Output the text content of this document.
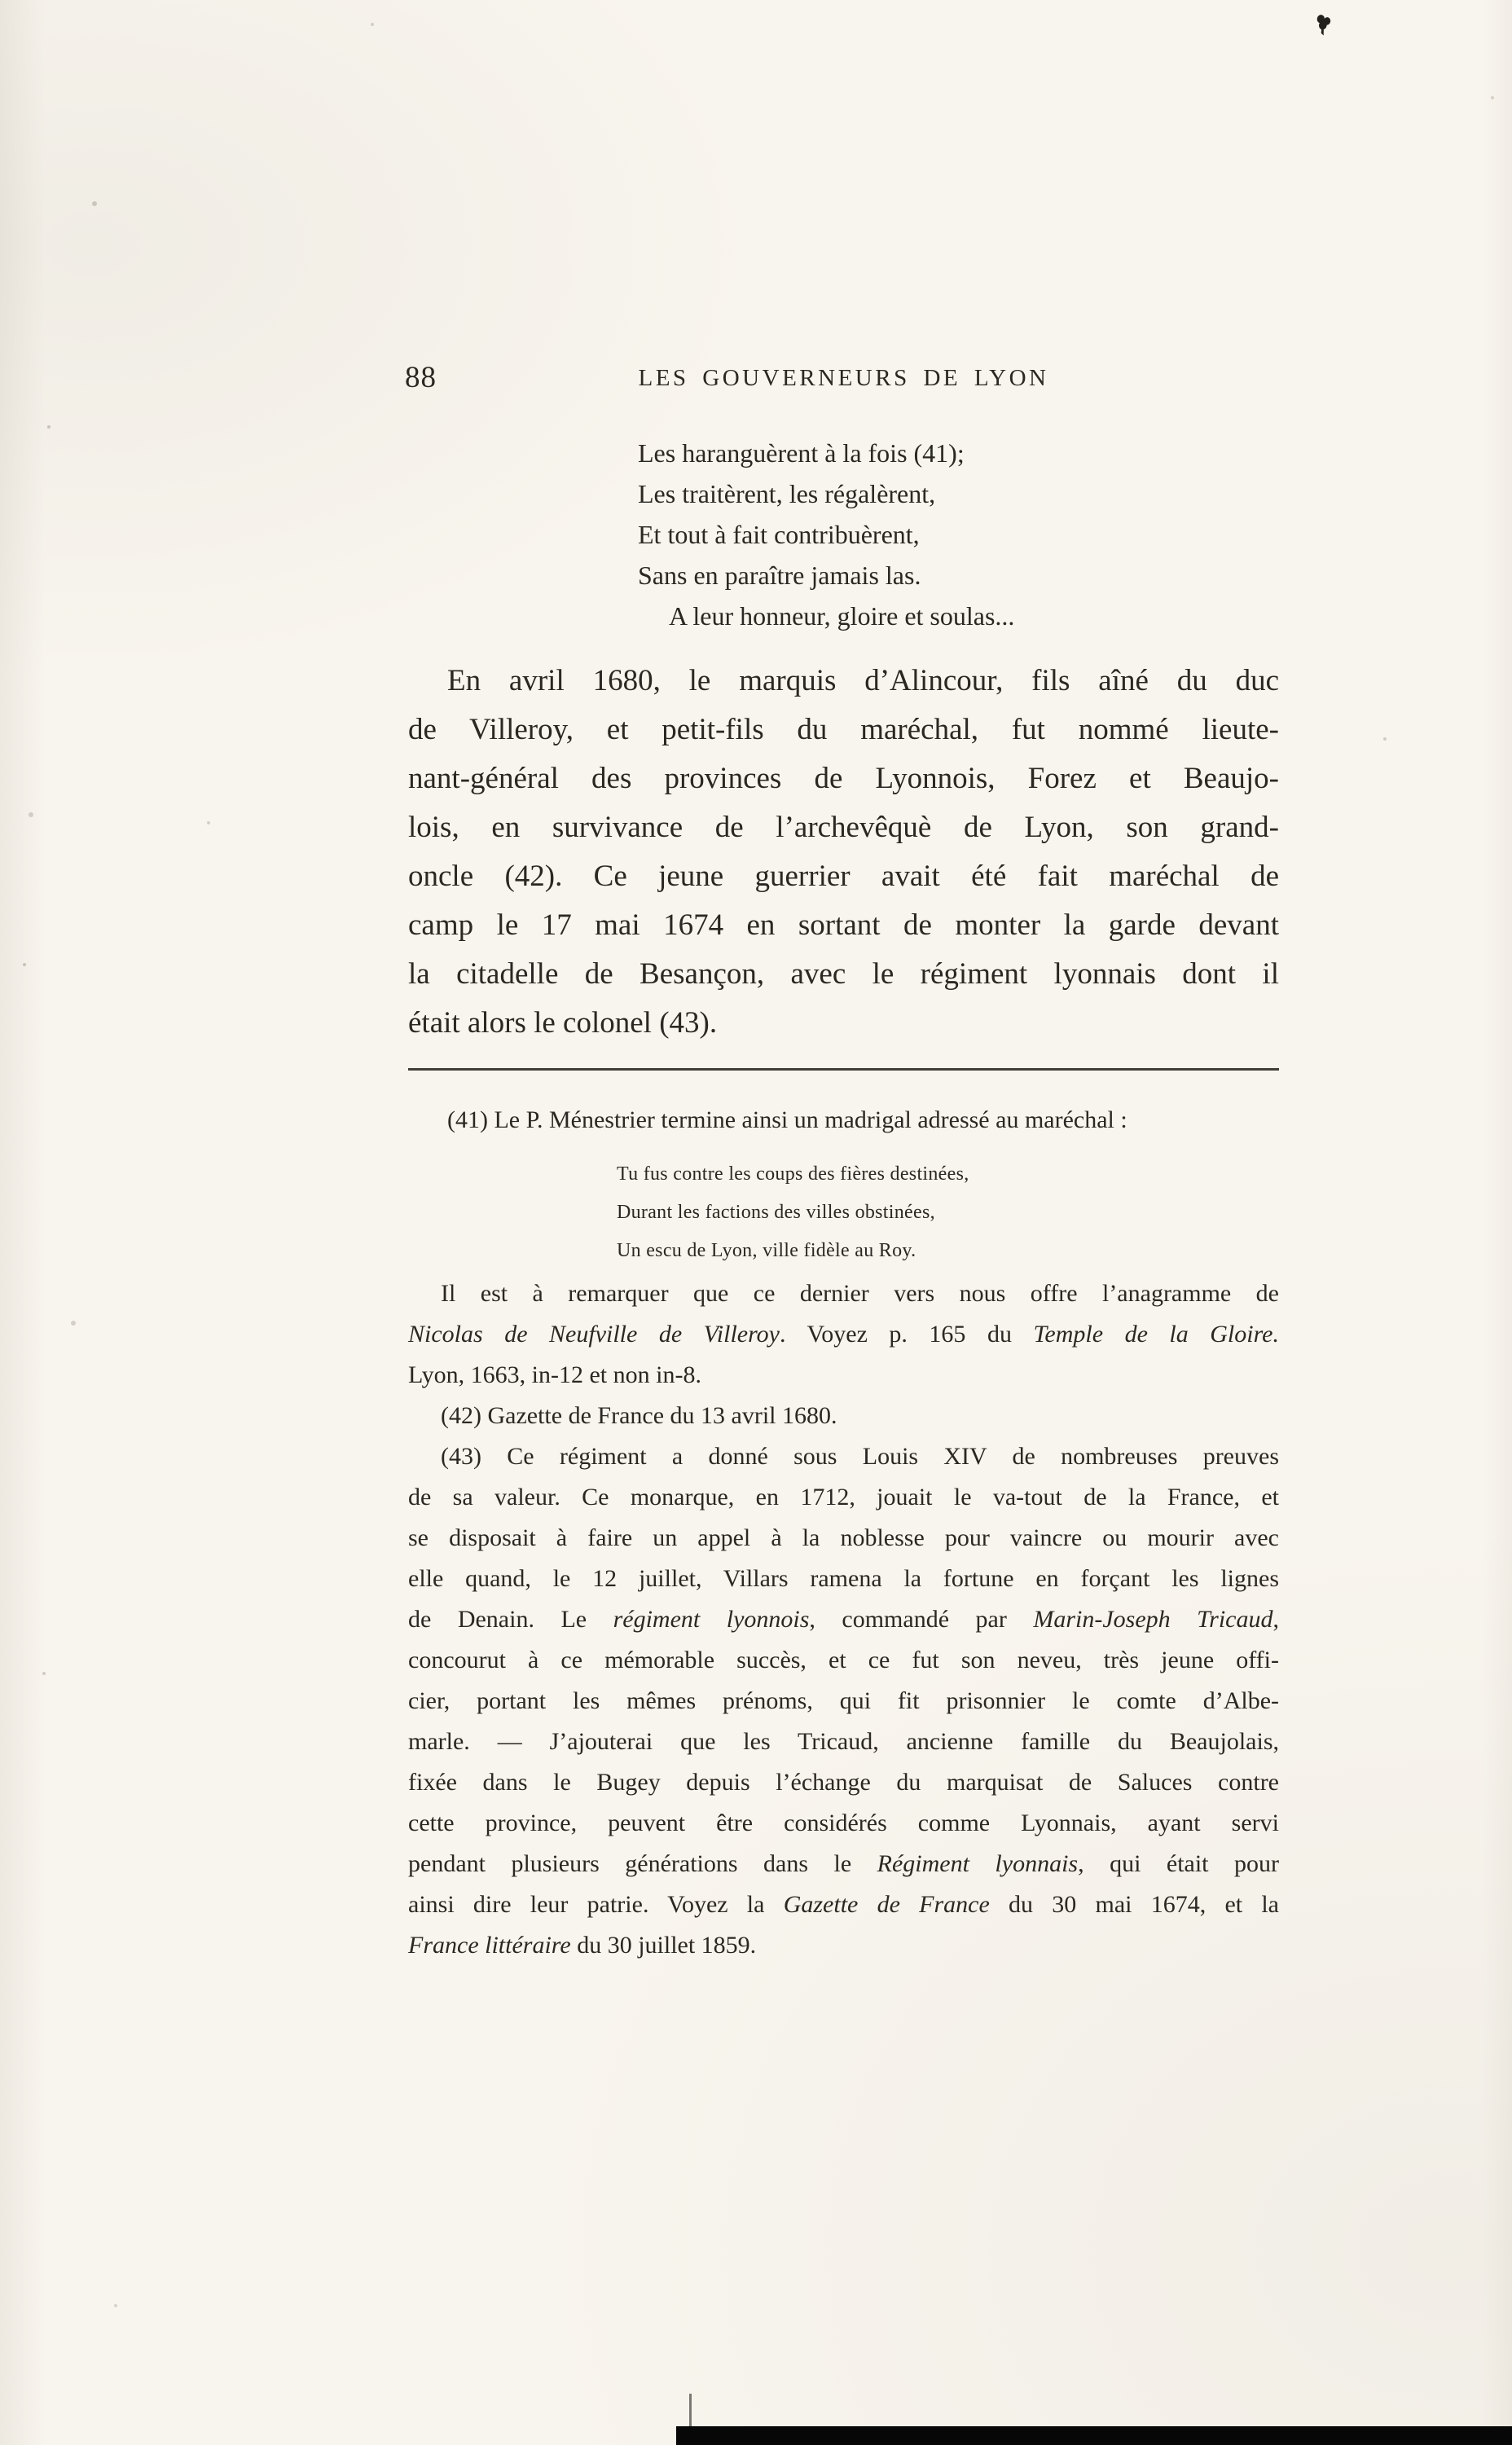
88	LES GOUVERNEURS DE LYON
Les haranguèrent à la fois (41);
Les traitèrent, les régalèrent,
Et tout à fait contribuèrent,
Sans en paraître jamais las.
A leur honneur, gloire et soulas...
En avril 1680, le marquis d’Alincour, fils aîné du duc
de Villeroy, et petit-fils du maréchal, fut nommé lieute-
nant-général des provinces de Lyonnois, Forez et Beaujo-
lois, en survivance de l’archevêquè de Lyon, son grand-
oncle (42). Ce jeune guerrier avait été fait maréchal de
camp le 17 mai 1674 en sortant de monter la garde devant
la citadelle de Besançon, avec le régiment lyonnais dont il
était alors le colonel (43).
(41) Le P. Ménestrier termine ainsi un madrigal adressé au maréchal :
Tu fus contre les coups des fières destinées,
Durant les factions des villes obstinées,
Un escu de Lyon, ville fidèle au Roy.
Il est à remarquer que ce dernier vers nous offre l’anagramme de
Nicolas de Neufville de Villeroy. Voyez p. 165 du Temple de la Gloire.
Lyon, 1663, in-12 et non in-8.
(42) Gazette de France du 13 avril 1680.
(43) Ce régiment a donné sous Louis XIV de nombreuses preuves
de sa valeur. Ce monarque, en 1712, jouait le va-tout de la France, et
se disposait à faire un appel à la noblesse pour vaincre ou mourir avec
elle quand, le 12 juillet, Villars ramena la fortune en forçant les lignes
de Denain. Le régiment lyonnois, commandé par Marin-Joseph Tricaud,
concourut à ce mémorable succès, et ce fut son neveu, très jeune offi-
cier, portant les mêmes prénoms, qui fit prisonnier le comte d’Albe-
marle. — J’ajouterai que les Tricaud, ancienne famille du Beaujolais,
fixée dans le Bugey depuis l’échange du marquisat de Saluces contre
cette province, peuvent être considérés comme Lyonnais, ayant servi
pendant plusieurs générations dans le Régiment lyonnais, qui était pour
ainsi dire leur patrie. Voyez la Gazette de France du 30 mai 1674, et la
France littéraire du 30 juillet 1859.
